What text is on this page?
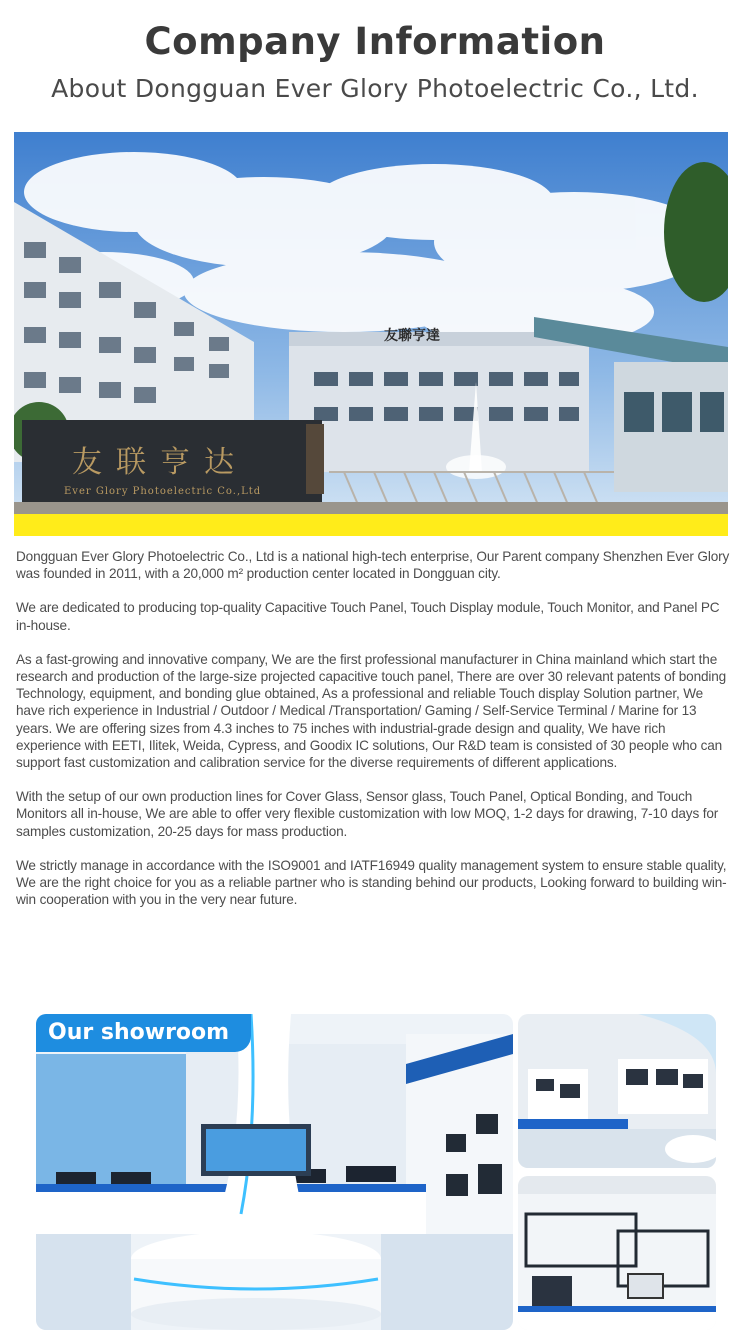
Company Information
About Dongguan Ever Glory Photoelectric Co., Ltd.
友聯亨達
友联亨达
Ever Glory Photoelectric Co.,Ltd

Dongguan Ever Glory Photoelectric Co., Ltd is a national high-tech enterprise, Our Parent company Shenzhen Ever Glory was founded in 2011, with a 20,000 m² production center located in Dongguan city.

We are dedicated to producing top-quality Capacitive Touch Panel, Touch Display module, Touch Monitor, and Panel PC in-house.

As a fast-growing and innovative company, We are the first professional manufacturer in China mainland which start the research and production of the large-size projected capacitive touch panel, There are over 30 relevant patents of bonding Technology, equipment, and bonding glue obtained, As a professional and reliable Touch display Solution partner, We have rich experience in Industrial / Outdoor / Medical /Transportation/ Gaming / Self-Service Terminal / Marine for 13 years. We are offering sizes from 4.3 inches to 75 inches with industrial-grade design and quality, We have rich experience with EETI, Ilitek, Weida, Cypress, and Goodix IC solutions, Our R&D team is consisted of 30 people who can support fast customization and calibration service for the diverse requirements of different applications.

With the setup of our own production lines for Cover Glass, Sensor glass, Touch Panel, Optical Bonding, and Touch Monitors all in-house, We are able to offer very flexible customization with low MOQ, 1-2 days for drawing, 7-10 days for samples customization, 20-25 days for mass production.

We strictly manage in accordance with the ISO9001 and IATF16949 quality management system to ensure stable quality, We are the right choice for you as a reliable partner who is standing behind our products, Looking forward to building win-win cooperation with you in the very near future.

Our showroom
